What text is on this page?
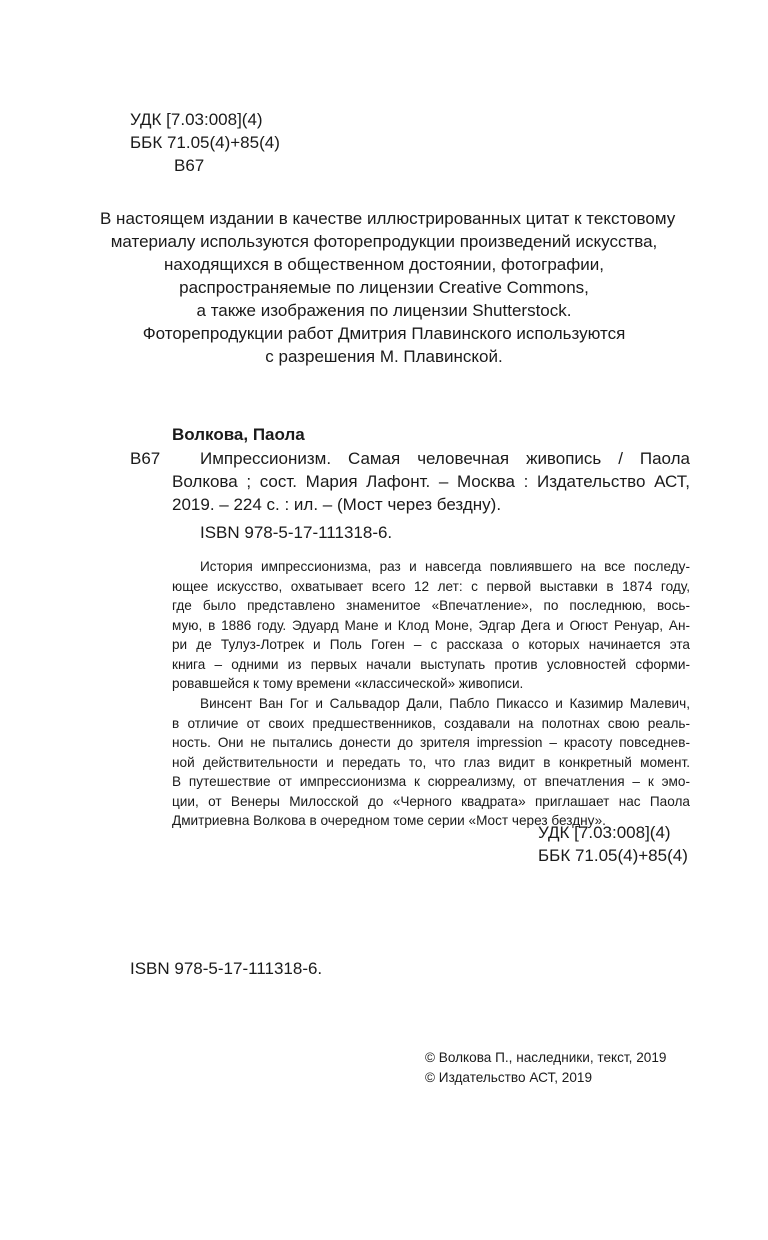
УДК [7.03:008](4)
ББК 71.05(4)+85(4)
В67
В настоящем издании в качестве иллюстрированных цитат к текстовому
материалу используются фоторепродукции произведений искусства,
находящихся в общественном достоянии, фотографии,
распространяемые по лицензии Creative Commons,
а также изображения по лицензии Shutterstock.
Фоторепродукции работ Дмитрия Плавинского используются
с разрешения М. Плавинской.
Волкова, Паола
В67 Импрессионизм. Самая человечная живопись / Паола
Волкова ; сост. Мария Лафонт. – Москва : Издательство АСТ,
2019. – 224 с. : ил. – (Мост через бездну).
ISBN 978-5-17-111318-6.
История импрессионизма, раз и навсегда повлиявшего на все последу-
ющее искусство, охватывает всего 12 лет: с первой выставки в 1874 году,
где было представлено знаменитое «Впечатление», по последнюю, вось-
мую, в 1886 году. Эдуард Мане и Клод Моне, Эдгар Дега и Огюст Ренуар, Ан-
ри де Тулуз-Лотрек и Поль Гоген – с рассказа о которых начинается эта
книга – одними из первых начали выступать против условностей сформи-
ровавшейся к тому времени «классической» живописи.
Винсент Ван Гог и Сальвадор Дали, Пабло Пикассо и Казимир Малевич,
в отличие от своих предшественников, создавали на полотнах свою реаль-
ность. Они не пытались донести до зрителя impression – красоту повседнев-
ной действительности и передать то, что глаз видит в конкретный момент.
В путешествие от импрессионизма к сюрреализму, от впечатления – к эмо-
ции, от Венеры Милосской до «Черного квадрата» приглашает нас Паола
Дмитриевна Волкова в очередном томе серии «Мост через бездну».
УДК [7.03:008](4)
ББК 71.05(4)+85(4)
ISBN 978-5-17-111318-6.
© Волкова П., наследники, текст, 2019
© Издательство АСТ, 2019
